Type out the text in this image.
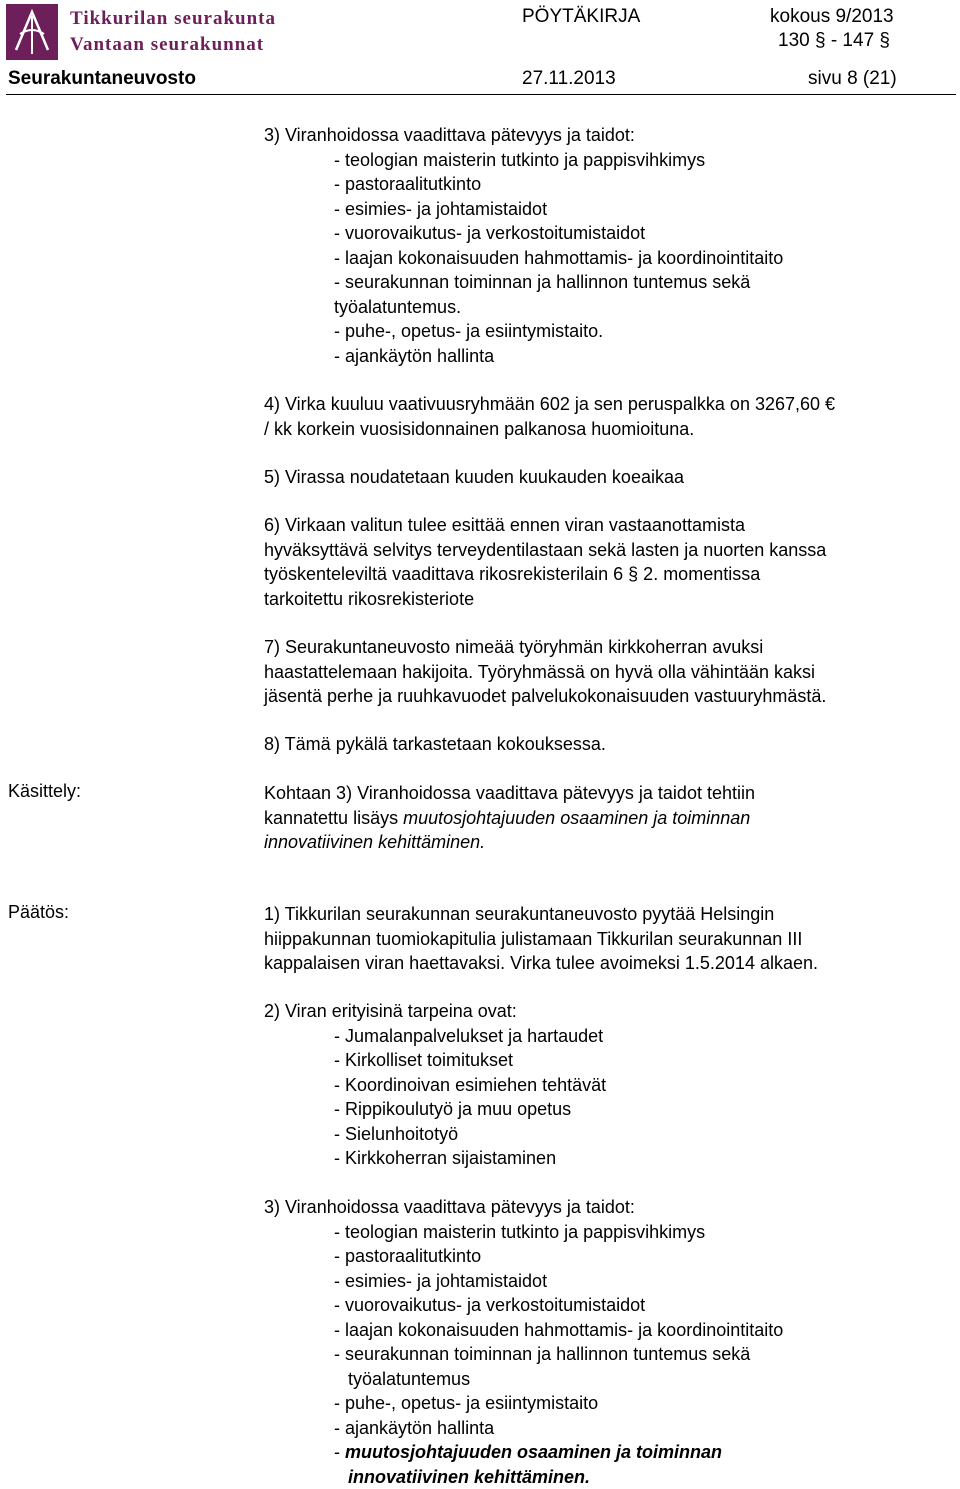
Tikkurilan seurakunta
Vantaan seurakunnat
PÖYTÄKIRJA	kokous 9/2013
130 § - 147 §
Seurakuntaneuvosto	27.11.2013	sivu 8 (21)
3) Viranhoidossa vaadittava pätevyys ja taidot:
- teologian maisterin tutkinto ja pappisvihkimys
- pastoraalitutkinto
- esimies- ja johtamistaidot
- vuorovaikutus- ja verkostoitumistaidot
- laajan kokonaisuuden hahmottamis- ja koordinointitaito
- seurakunnan toiminnan ja hallinnon tuntemus sekä
työalatuntemus.
- puhe-, opetus- ja esiintymistaito.
- ajankäytön hallinta
4) Virka kuuluu vaativuusryhmään 602 ja sen peruspalkka on 3267,60 €
/ kk korkein vuosisidonnainen palkanosa huomioituna.
5) Virassa noudatetaan kuuden kuukauden koeaikaa
6) Virkaan valitun tulee esittää ennen viran vastaanottamista
hyväksyttävä selvitys terveydentilastaan sekä lasten ja nuorten kanssa
työskenteleviltä vaadittava rikosrekisterilain 6 § 2. momentissa
tarkoitettu rikosrekisteriote
7) Seurakuntaneuvosto nimeää työryhmän kirkkoherran avuksi
haastattelemaan hakijoita. Työryhmässä on hyvä olla vähintään kaksi
jäsentä perhe ja ruuhkavuodet palvelukokonaisuuden vastuuryhmästä.
8) Tämä pykälä tarkastetaan kokouksessa.
Käsittely:	Kohtaan 3) Viranhoidossa vaadittava pätevyys ja taidot tehtiin
kannatettu lisäys muutosjohtajuuden osaaminen ja toiminnan
innovatiivinen kehittäminen.
Päätös:	1) Tikkurilan seurakunnan seurakuntaneuvosto pyytää Helsingin
hiippakunnan tuomiokapitulia julistamaan Tikkurilan seurakunnan III
kappalaisen viran haettavaksi. Virka tulee avoimeksi 1.5.2014 alkaen.
2) Viran erityisinä tarpeina ovat:
- Jumalanpalvelukset ja hartaudet
- Kirkolliset toimitukset
- Koordinoivan esimiehen tehtävät
- Rippikoulutyö ja muu opetus
- Sielunhoitotyö
- Kirkkoherran sijaistaminen
3) Viranhoidossa vaadittava pätevyys ja taidot:
- teologian maisterin tutkinto ja pappisvihkimys
- pastoraalitutkinto
- esimies- ja johtamistaidot
- vuorovaikutus- ja verkostoitumistaidot
- laajan kokonaisuuden hahmottamis- ja koordinointitaito
- seurakunnan toiminnan ja hallinnon tuntemus sekä
työalatuntemus
- puhe-, opetus- ja esiintymistaito
- ajankäytön hallinta
- muutosjohtajuuden osaaminen ja toiminnan
innovatiivinen kehittäminen.
